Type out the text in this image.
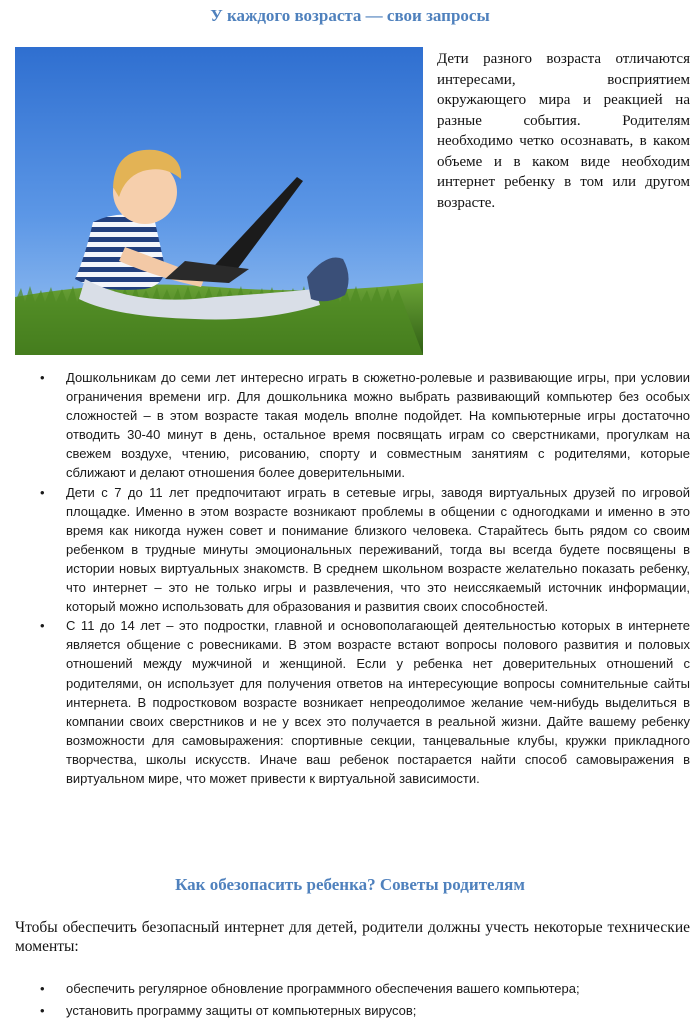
У каждого возраста — свои запросы

Дети разного возраста отличаются интересами, восприятием окружающего мира и реакцией на разные события. Родителям необходимо четко осознавать, в каком объеме и в каком виде необходим интернет ребенку в том или другом возрасте.

• Дошкольникам до семи лет интересно играть в сюжетно-ролевые и развивающие игры, при условии ограничения времени игр. Для дошкольника можно выбрать развивающий компьютер без особых сложностей – в этом возрасте такая модель вполне подойдет. На компьютерные игры достаточно отводить 30-40 минут в день, остальное время посвящать играм со сверстниками, прогулкам на свежем воздухе, чтению, рисованию, спорту и совместным занятиям с родителями, которые сближают и делают отношения более доверительными.
• Дети с 7 до 11 лет предпочитают играть в сетевые игры, заводя виртуальных друзей по игровой площадке. Именно в этом возрасте возникают проблемы в общении с одногодками и именно в это время как никогда нужен совет и понимание близкого человека. Старайтесь быть рядом со своим ребенком в трудные минуты эмоциональных переживаний, тогда вы всегда будете посвящены в истории новых виртуальных знакомств. В среднем школьном возрасте желательно показать ребенку, что интернет – это не только игры и развлечения, что это неиссякаемый источник информации, который можно использовать для образования и развития своих способностей.
• С 11 до 14 лет – это подростки, главной и основополагающей деятельностью которых в интернете является общение с ровесниками. В этом возрасте встают вопросы полового развития и половых отношений между мужчиной и женщиной. Если у ребенка нет доверительных отношений с родителями, он использует для получения ответов на интересующие вопросы сомнительные сайты интернета. В подростковом возрасте возникает непреодолимое желание чем-нибудь выделиться в компании своих сверстников и не у всех это получается в реальной жизни. Дайте вашему ребенку возможности для самовыражения: спортивные секции, танцевальные клубы, кружки прикладного творчества, школы искусств. Иначе ваш ребенок постарается найти способ самовыражения в виртуальном мире, что может привести к виртуальной зависимости.
Как обезопасить ребенка? Советы родителям

Чтобы обеспечить безопасный интернет для детей, родители должны учесть некоторые технические моменты:

• обеспечить регулярное обновление программного обеспечения вашего компьютера;
• установить программу защиты от компьютерных вирусов;
